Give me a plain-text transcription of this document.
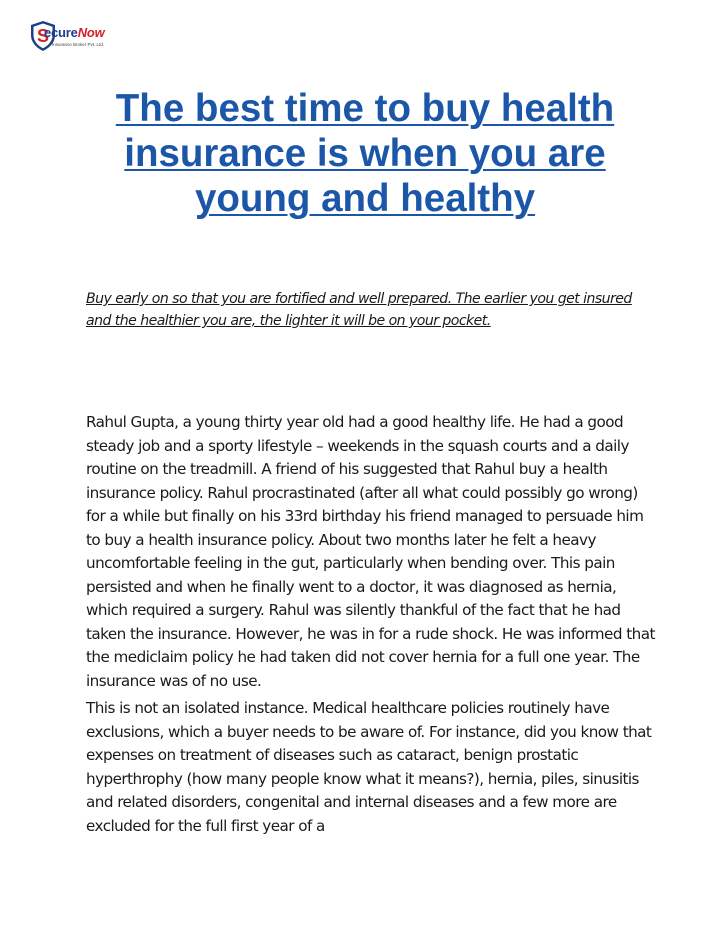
S
ecureNow
Insurance Broker Pvt. Ltd.
The best time to buy health insurance is when you are young and healthy

Buy early on so that you are fortified and well prepared. The earlier you get insured and the healthier you are, the lighter it will be on your pocket.

Rahul Gupta, a young thirty year old had a good healthy life. He had a good steady job and a sporty lifestyle – weekends in the squash courts and a daily routine on the treadmill. A friend of his suggested that Rahul buy a health insurance policy. Rahul procrastinated (after all what could possibly go wrong) for a while but finally on his 33rd birthday his friend managed to persuade him to buy a health insurance policy. About two months later he felt a heavy uncomfortable feeling in the gut, particularly when bending over. This pain persisted and when he finally went to a doctor, it was diagnosed as hernia, which required a surgery. Rahul was silently thankful of the fact that he had taken the insurance. However, he was in for a rude shock. He was informed that the mediclaim policy he had taken did not cover hernia for a full one year. The insurance was of no use.

This is not an isolated instance. Medical healthcare policies routinely have exclusions, which a buyer needs to be aware of. For instance, did you know that expenses on treatment of diseases such as cataract, benign prostatic hyperthrophy (how many people know what it means?), hernia, piles, sinusitis and related disorders, congenital and internal diseases and a few more are excluded for the full first year of a
